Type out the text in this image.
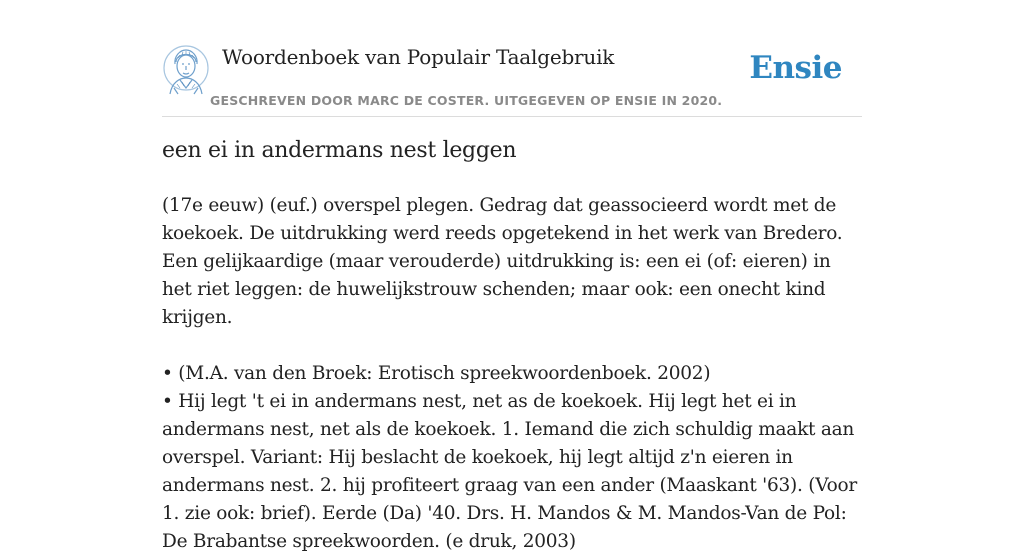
Woordenboek van Populair Taalgebruik
GESCHREVEN DOOR MARC DE COSTER. UITGEGEVEN OP ENSIE IN 2020.
Ensie
een ei in andermans nest leggen

(17e eeuw) (euf.) overspel plegen. Gedrag dat geassocieerd wordt met de koekoek. De uitdrukking werd reeds opgetekend in het werk van Bredero. Een gelijkaardige (maar verouderde) uitdrukking is: een ei (of: eieren) in het riet leggen: de huwelijkstrouw schenden; maar ook: een onecht kind krijgen.

• (M.A. van den Broek: Erotisch spreekwoordenboek. 2002)

• Hij legt 't ei in andermans nest, net as de koekoek. Hij legt het ei in andermans nest, net als de koekoek. 1. Iemand die zich schuldig maakt aan overspel. Variant: Hij beslacht de koekoek, hij legt altijd z'n eieren in andermans nest. 2. hij profiteert graag van een ander (Maaskant '63). (Voor 1. zie ook: brief). Eerde (Da) '40. Drs. H. Mandos & M. Mandos-Van de Pol: De Brabantse spreekwoorden. (e druk, 2003)
